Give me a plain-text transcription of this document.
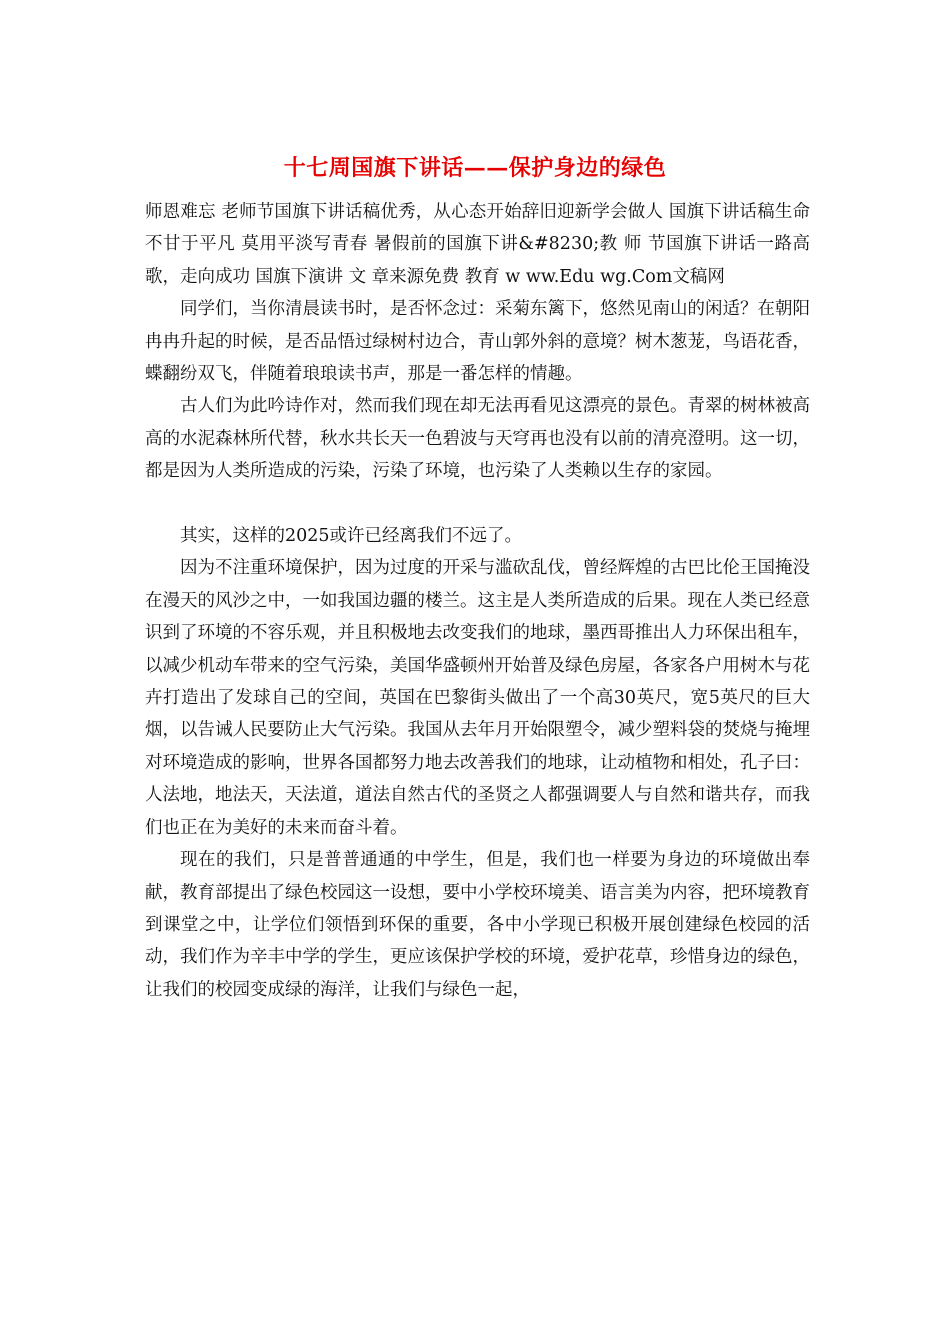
十七周国旗下讲话——保护身边的绿色

师恩难忘 老师节国旗下讲话稿优秀，从心态开始辞旧迎新学会做人 国旗下讲话稿生命不甘于平凡 莫用平淡写青春 暑假前的国旗下讲&#8230;教 师 节国旗下讲话一路高歌，走向成功 国旗下演讲 文 章来源免费 教育 w ww.Edu wg.Com文稿网

同学们，当你清晨读书时，是否怀念过：采菊东篱下，悠然见南山的闲适？在朝阳冉冉升起的时候，是否品悟过绿树村边合，青山郭外斜的意境？树木葱茏，鸟语花香，蝶翻纷双飞，伴随着琅琅读书声，那是一番怎样的情趣。

古人们为此吟诗作对，然而我们现在却无法再看见这漂亮的景色。青翠的树林被高高的水泥森林所代替，秋水共长天一色碧波与天穹再也没有以前的清亮澄明。这一切，都是因为人类所造成的污染，污染了环境，也污染了人类赖以生存的家园。

其实，这样的2025或许已经离我们不远了。

因为不注重环境保护，因为过度的开采与滥砍乱伐，曾经辉煌的古巴比伦王国掩没在漫天的风沙之中，一如我国边疆的楼兰。这主是人类所造成的后果。现在人类已经意识到了环境的不容乐观，并且积极地去改变我们的地球，墨西哥推出人力环保出租车，以减少机动车带来的空气污染，美国华盛顿州开始普及绿色房屋，各家各户用树木与花卉打造出了发球自己的空间，英国在巴黎街头做出了一个高30英尺，宽5英尺的巨大烟，以告诫人民要防止大气污染。我国从去年月开始限塑令，减少塑料袋的焚烧与掩埋对环境造成的影响，世界各国都努力地去改善我们的地球，让动植物和相处，孔子曰：人法地，地法天，天法道，道法自然古代的圣贤之人都强调要人与自然和谐共存，而我们也正在为美好的未来而奋斗着。

现在的我们，只是普普通通的中学生，但是，我们也一样要为身边的环境做出奉献，教育部提出了绿色校园这一设想，要中小学校环境美、语言美为内容，把环境教育到课堂之中，让学位们领悟到环保的重要，各中小学现已积极开展创建绿色校园的活动，我们作为辛丰中学的学生，更应该保护学校的环境，爱护花草，珍惜身边的绿色，让我们的校园变成绿的海洋，让我们与绿色一起，
